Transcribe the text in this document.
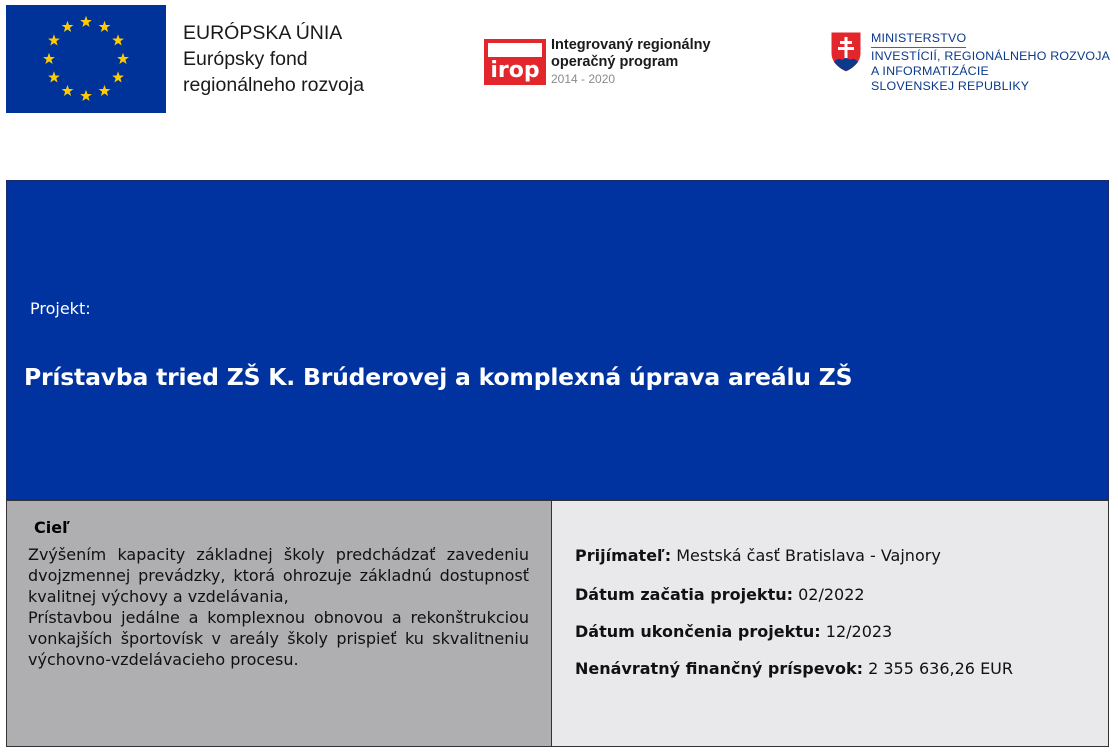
EURÓPSKA ÚNIA
Európsky fond
regionálneho rozvoja
irop
Integrovaný regionálny
operačný program
2014 - 2020
MINISTERSTVO
INVESTÍCIÍ, REGIONÁLNEHO ROZVOJA
A INFORMATIZÁCIE
SLOVENSKEJ REPUBLIKY
Projekt:
Prístavba tried ZŠ K. Brúderovej a komplexná úprava areálu ZŠ
Cieľ

Zvýšením kapacity základnej školy predchádzať zavedeniu dvojzmennej prevádzky, ktorá ohrozuje základnú dostupnosť kvalitnej výchovy a vzdelávania,

Prístavbou jedálne a komplexnou obnovou a rekonštrukciou vonkajších športovísk v areály školy prispieť ku skvalitneniu výchovno-vzdelávacieho procesu.

Prijímateľ: Mestská časť Bratislava - Vajnory
Dátum začatia projektu: 02/2022
Dátum ukončenia projektu: 12/2023
Nenávratný finančný príspevok: 2 355 636,26 EUR
